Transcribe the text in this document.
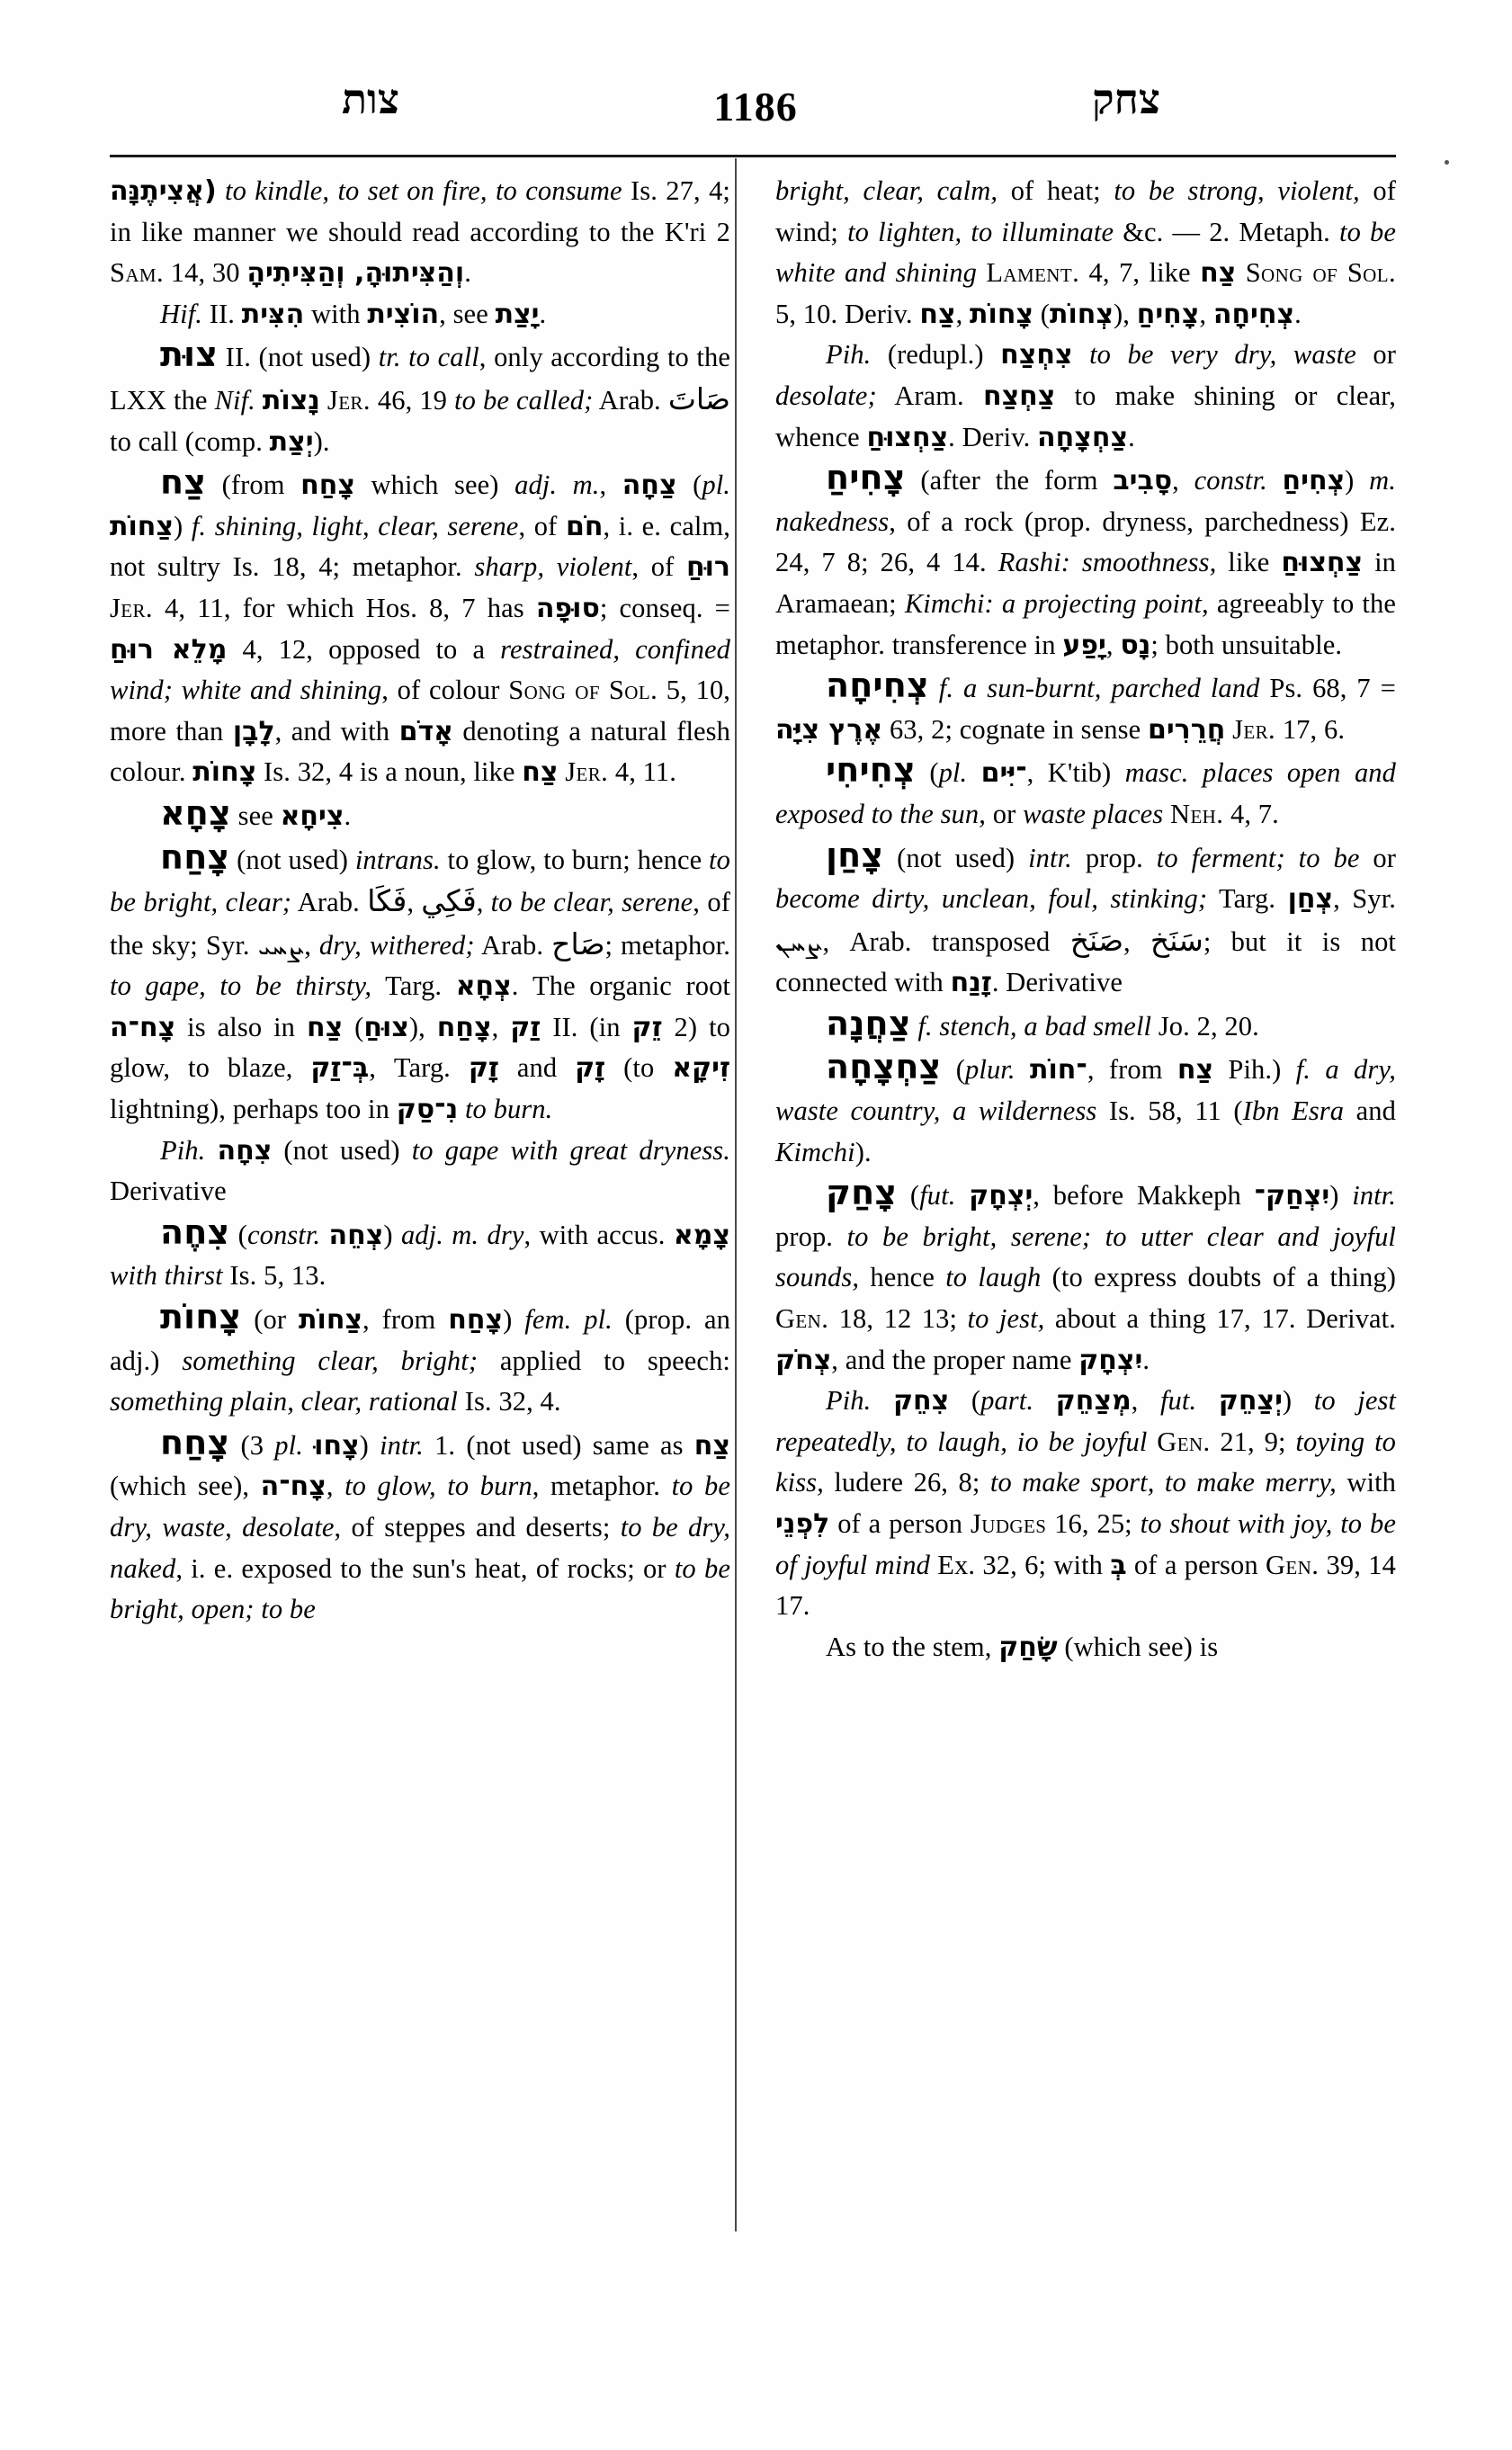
צות	1186	צחק

(אֲצִיתֶנָּה to kindle, to set on fire, to consume Is. 27, 4; in like manner we should read according to the K'ri 2 Sam. 14, 30 וְהַצִּיתוּהָ, וְהַצִּיתִיהָ.

Hif. II. הִצִּית with הוֹצִית, see יָצַת.

צוּת II. (not used) tr. to call, only according to the LXX the Nif. נָצוֹת Jer. 46, 19 to be called; Arab. صَاتَ to call (comp. יְצַת).

צַח (from צָחַח which see) adj. m., צַחָה (pl. צַחוֹת) f. shining, light, clear, serene, of חֹם, i. e. calm, not sultry Is. 18, 4; metaphor. sharp, violent, of רוּחַ Jer. 4, 11, for which Hos. 8, 7 has סוּפָה; conseq. = מָלֵא רוּחַ 4, 12, opposed to a restrained, confined wind; white and shining, of colour Song of Sol. 5, 10, more than לָבָן, and with אָדֹם denoting a natural flesh colour. צָחוֹת Is. 32, 4 is a noun, like צַח Jer. 4, 11.

צָחָא see צִיחָא.

צָחַח (not used) intrans. to glow, to burn; hence to be bright, clear; Arab. فَكَا, فَكِي, to be clear, serene, of the sky; Syr. ܨܚܝ, dry, withered; Arab. صَاح; metaphor. to gape, to be thirsty, Targ. צְחָא. The organic root צָח־ה is also in צַח (צוּחַ), צָחַח, זַק II. (in זֵק 2) to glow, to blaze, בְּ־זַק, Targ. זָק and זָק (to זִיקָא lightning), perhaps too in נִ־סַק to burn.

Pih. צִחָה (not used) to gape with great dryness. Derivative

צִחֶה (constr. צְחֵה) adj. m. dry, with accus. צָמָא with thirst Is. 5, 13.

צָחוֹת (or צַחוֹת, from צָחַח) fem. pl. (prop. an adj.) something clear, bright; applied to speech: something plain, clear, rational Is. 32, 4.

צָחַח (3 pl. צָחוּ) intr. 1. (not used) same as צַח (which see), צָח־ה, to glow, to burn, metaphor. to be dry, waste, desolate, of steppes and deserts; to be dry, naked, i. e. exposed to the sun's heat, of rocks; or to be bright, open; to be

bright, clear, calm, of heat; to be strong, violent, of wind; to lighten, to illuminate &c. — 2. Metaph. to be white and shining Lament. 4, 7, like צַח Song of Sol. 5, 10. Deriv. צַח, צָחוֹת (צְחוֹת), צָחִיחַ, צְחִיחָה.

Pih. (redupl.) צִחְצַח to be very dry, waste or desolate; Aram. צַחְצַח to make shining or clear, whence צַחְצוּחַ. Deriv. צַחְצָחָה.

צָחִיחַ (after the form סָבִיב, constr. צְחִיחַ) m. nakedness, of a rock (prop. dryness, parchedness) Ez. 24, 7 8; 26, 4 14. Rashi: smoothness, like צַחְצוּחַ in Aramaean; Kimchi: a projecting point, agreeably to the metaphor. transference in יָפַע, נָס; both unsuitable.

צְחִיחָה f. a sun-burnt, parched land Ps. 68, 7 = אֶרֶץ צִיָּה 63, 2; cognate in sense חֲרֵרִים Jer. 17, 6.

צְחִיחִי (pl. ־יִּים, K'tib) masc. places open and exposed to the sun, or waste places Neh. 4, 7.

צָחַן (not used) intr. prop. to ferment; to be or become dirty, unclean, foul, stinking; Targ. צְחַן, Syr. ܨܚܢ, Arab. transposed صَنَخ, سَنَخ; but it is not connected with זָנַח. Derivative

צַחֲנָה f. stench, a bad smell Jo. 2, 20.

צַחְצָחָה (plur. ־חוֹת, from צַח Pih.) f. a dry, waste country, a wilderness Is. 58, 11 (Ibn Esra and Kimchi).

צָחַק (fut. יְצְחָק, before Makkeph יִצְחַק־) intr. prop. to be bright, serene; to utter clear and joyful sounds, hence to laugh (to express doubts of a thing) Gen. 18, 12 13; to jest, about a thing 17, 17. Derivat. צְחֹק, and the proper name יִצְחָק.

Pih. צִחֵק (part. מְצַחֵק, fut. יְצַחֵק) to jest repeatedly, to laugh, io be joyful Gen. 21, 9; toying to kiss, ludere 26, 8; to make sport, to make merry, with לִפְנֵי of a person Judges 16, 25; to shout with joy, to be of joyful mind Ex. 32, 6; with בְּ of a person Gen. 39, 14 17.

As to the stem, שָׂחַק (which see) is
